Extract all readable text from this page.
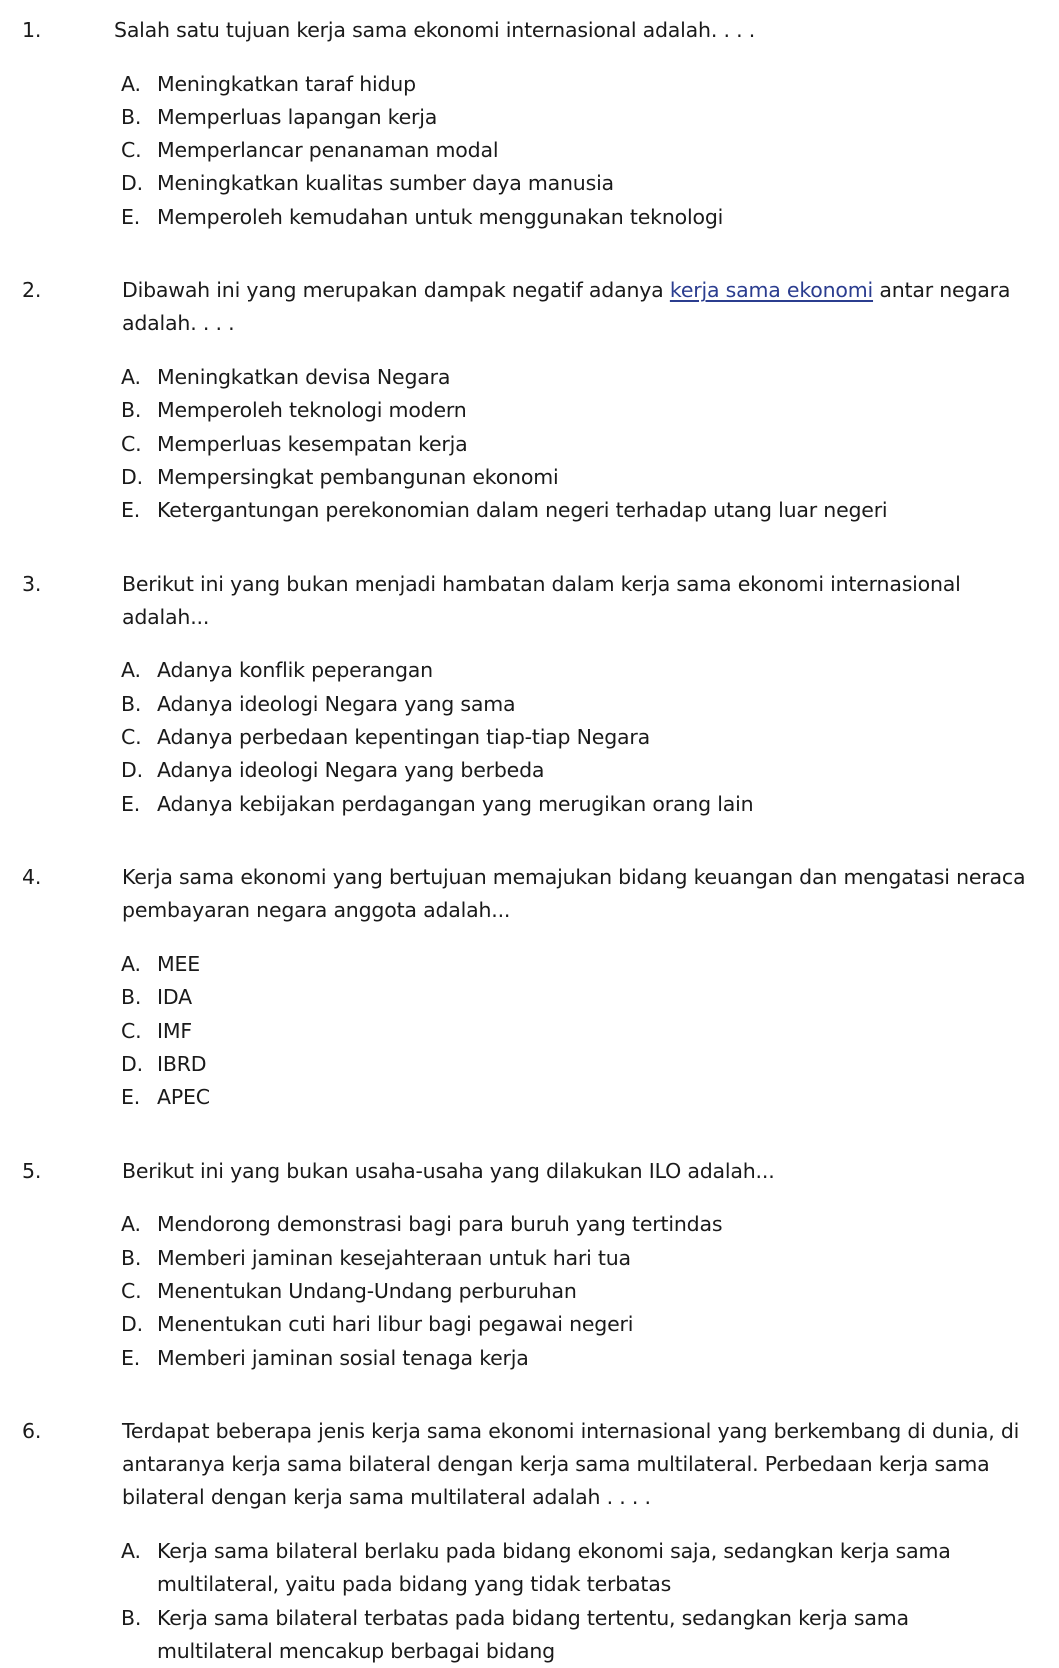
1.	Salah satu tujuan kerja sama ekonomi internasional adalah. . . .
A. Meningkatkan taraf hidup
B. Memperluas lapangan kerja
C. Memperlancar penanaman modal
D. Meningkatkan kualitas sumber daya manusia
E. Memperoleh kemudahan untuk menggunakan teknologi
2.	Dibawah ini yang merupakan dampak negatif adanya kerja sama ekonomi antar negara adalah. . . .
A. Meningkatkan devisa Negara
B. Memperoleh teknologi modern
C. Memperluas kesempatan kerja
D. Mempersingkat pembangunan ekonomi
E. Ketergantungan perekonomian dalam negeri terhadap utang luar negeri
3.	Berikut ini yang bukan menjadi hambatan dalam kerja sama ekonomi internasional adalah...
A. Adanya konflik peperangan
B. Adanya ideologi Negara yang sama
C. Adanya perbedaan kepentingan tiap-tiap Negara
D. Adanya ideologi Negara yang berbeda
E. Adanya kebijakan perdagangan yang merugikan orang lain
4.	Kerja sama ekonomi yang bertujuan memajukan bidang keuangan dan mengatasi neraca pembayaran negara anggota adalah...
A. MEE
B. IDA
C. IMF
D. IBRD
E. APEC
5.	Berikut ini yang bukan usaha-usaha yang dilakukan ILO adalah...
A. Mendorong demonstrasi bagi para buruh yang tertindas
B. Memberi jaminan kesejahteraan untuk hari tua
C. Menentukan Undang-Undang perburuhan
D. Menentukan cuti hari libur bagi pegawai negeri
E. Memberi jaminan sosial tenaga kerja
6.	Terdapat beberapa jenis kerja sama ekonomi internasional yang berkembang di dunia, di antaranya kerja sama bilateral dengan kerja sama multilateral. Perbedaan kerja sama bilateral dengan kerja sama multilateral adalah . . . .
A. Kerja sama bilateral berlaku pada bidang ekonomi saja, sedangkan kerja sama multilateral, yaitu pada bidang yang tidak terbatas
B. Kerja sama bilateral terbatas pada bidang tertentu, sedangkan kerja sama multilateral mencakup berbagai bidang
